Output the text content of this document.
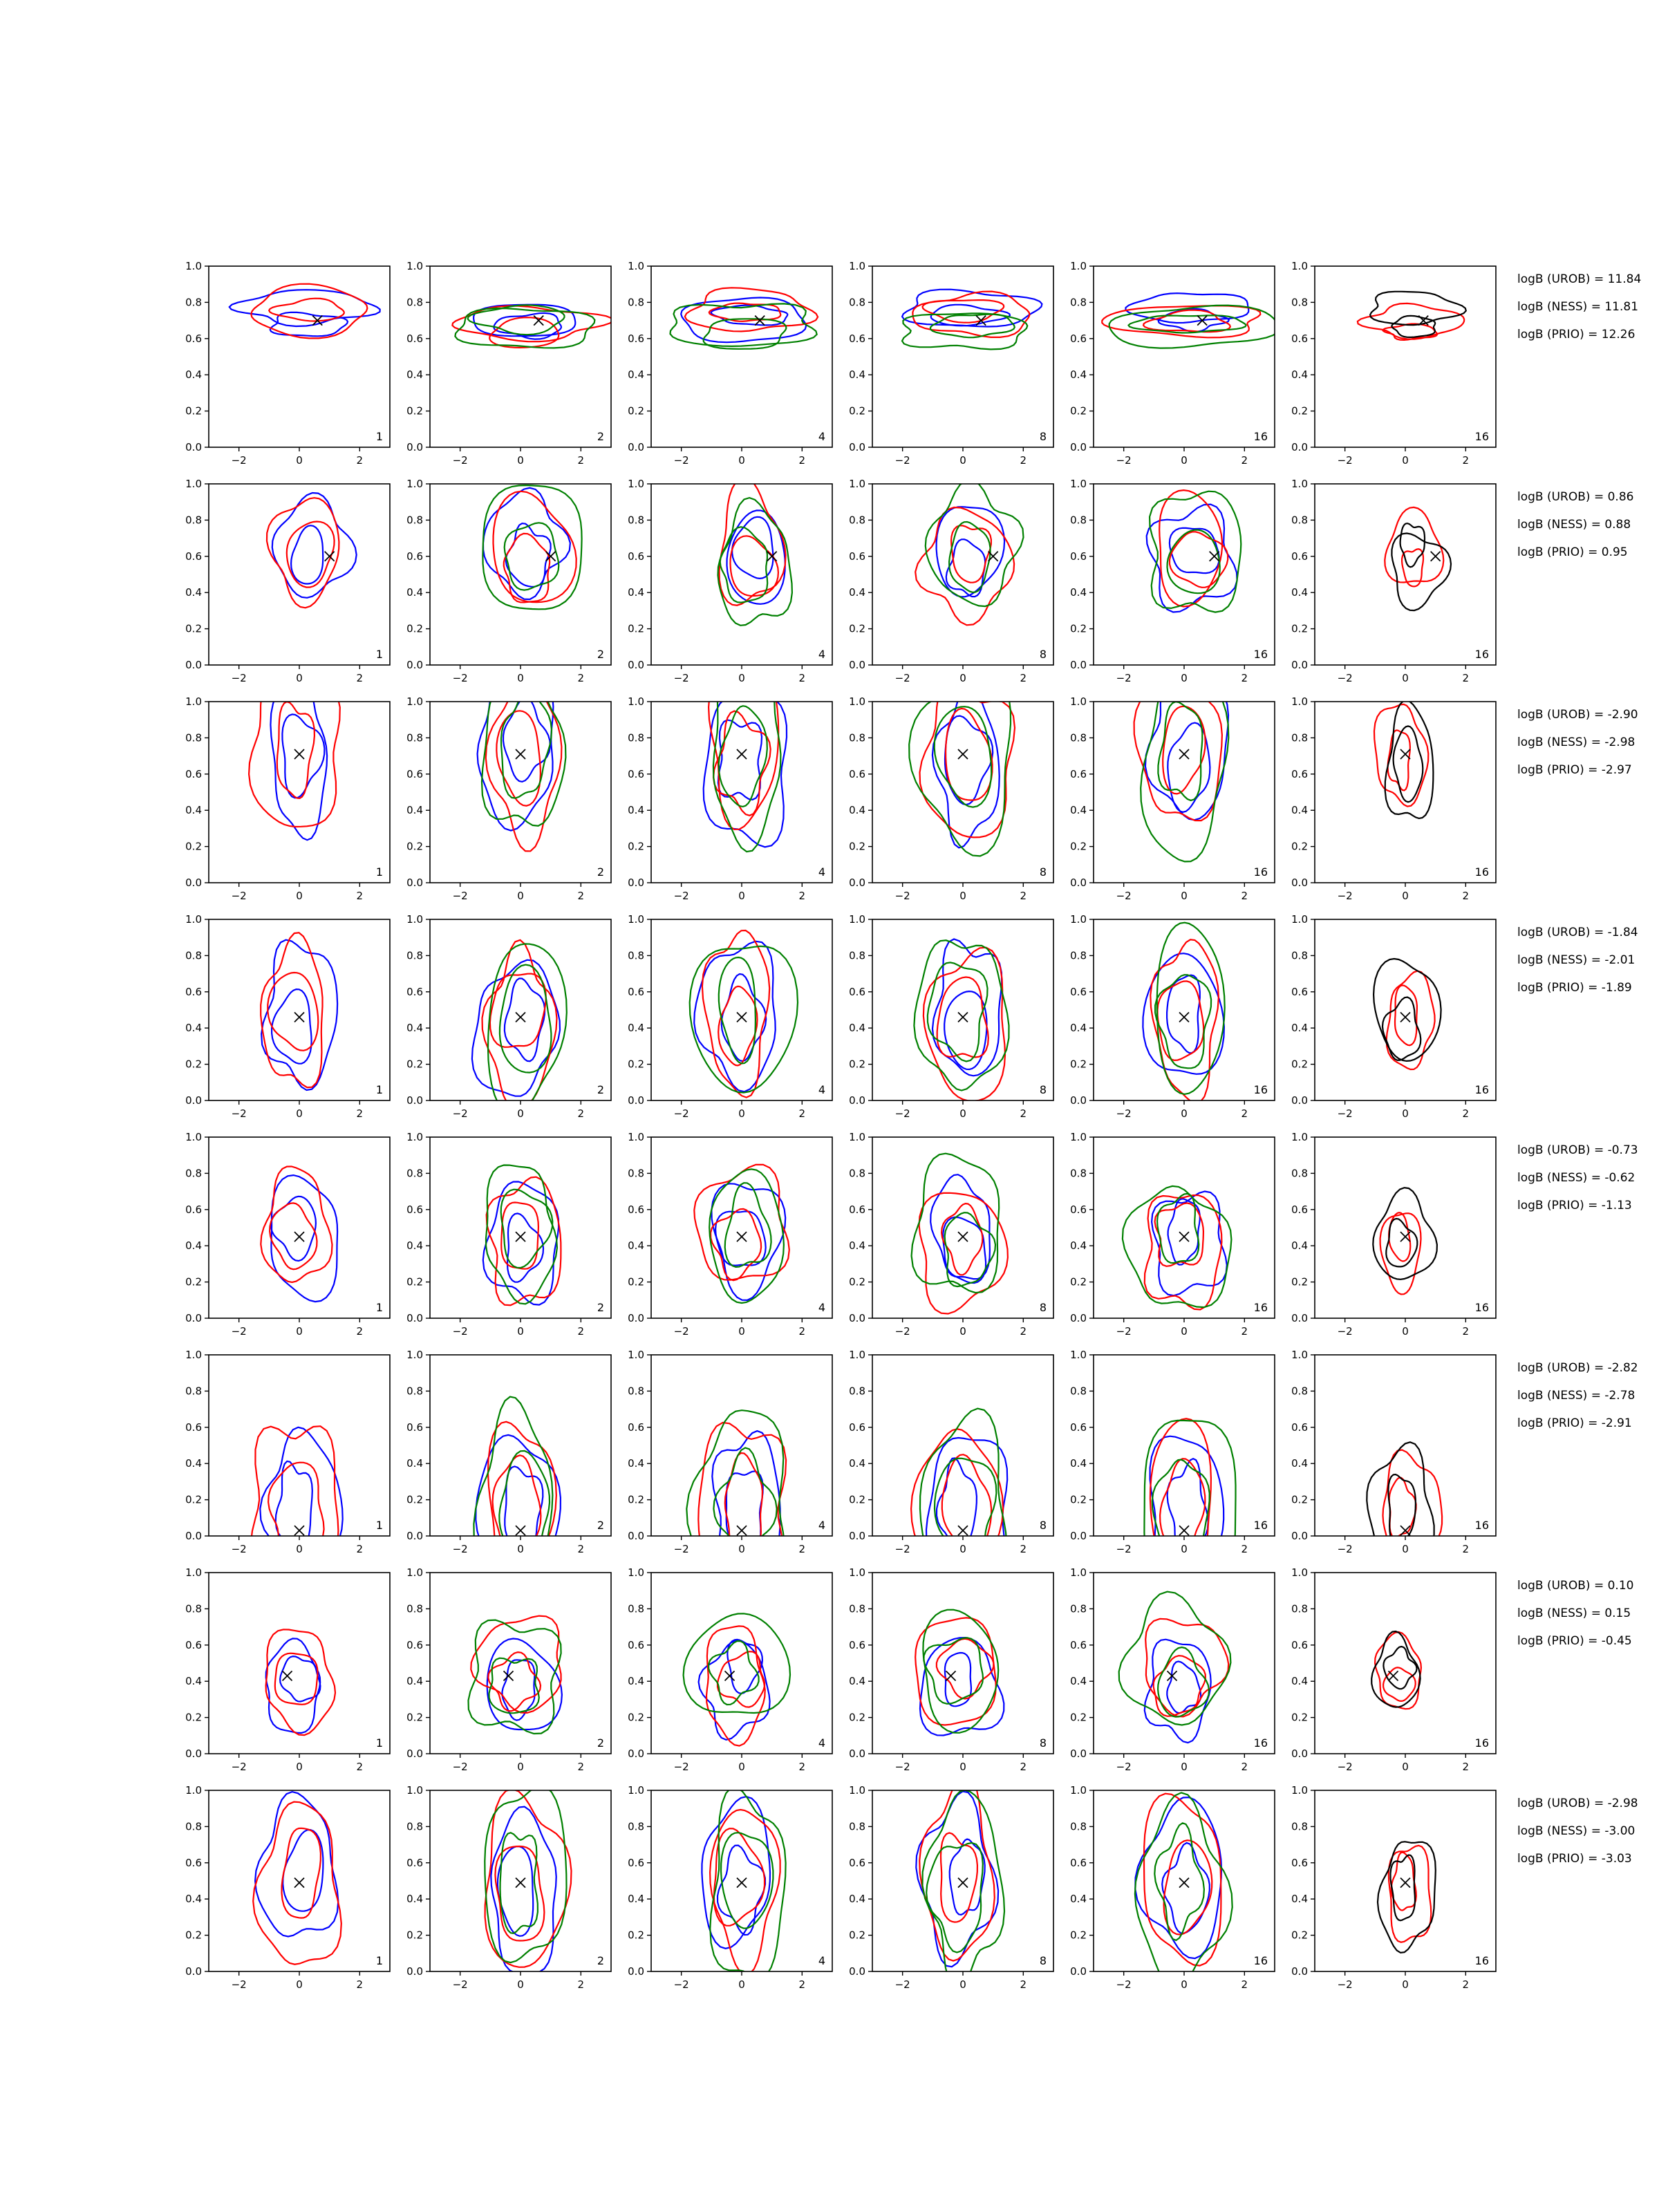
−2	0	2
0.0
0.2
0.4
0.6
0.8
1.0
1
−2	0	2
0.0
0.2
0.4
0.6
0.8
1.0
2
−2	0	2
0.0
0.2
0.4
0.6
0.8
1.0
4
−2	0	2
0.0
0.2
0.4
0.6
0.8
1.0
8
−2	0	2
0.0
0.2
0.4
0.6
0.8
1.0
16
−2	0	2
0.0
0.2
0.4
0.6
0.8
1.0
16
logB (UROB) = 11.84
logB (NESS) = 11.81
logB (PRIO) = 12.26
−2	0	2
0.0
0.2
0.4
0.6
0.8
1.0
1
−2	0	2
0.0
0.2
0.4
0.6
0.8
1.0
2
−2	0	2
0.0
0.2
0.4
0.6
0.8
1.0
4
−2	0	2
0.0
0.2
0.4
0.6
0.8
1.0
8
−2	0	2
0.0
0.2
0.4
0.6
0.8
1.0
16
−2	0	2
0.0
0.2
0.4
0.6
0.8
1.0
16
logB (UROB) = 0.86
logB (NESS) = 0.88
logB (PRIO) = 0.95
−2	0	2
0.0
0.2
0.4
0.6
0.8
1.0
1
−2	0	2
0.0
0.2
0.4
0.6
0.8
1.0
2
−2	0	2
0.0
0.2
0.4
0.6
0.8
1.0
4
−2	0	2
0.0
0.2
0.4
0.6
0.8
1.0
8
−2	0	2
0.0
0.2
0.4
0.6
0.8
1.0
16
−2	0	2
0.0
0.2
0.4
0.6
0.8
1.0
16
logB (UROB) = -2.90
logB (NESS) = -2.98
logB (PRIO) = -2.97
−2	0	2
0.0
0.2
0.4
0.6
0.8
1.0
1
−2	0	2
0.0
0.2
0.4
0.6
0.8
1.0
2
−2	0	2
0.0
0.2
0.4
0.6
0.8
1.0
4
−2	0	2
0.0
0.2
0.4
0.6
0.8
1.0
8
−2	0	2
0.0
0.2
0.4
0.6
0.8
1.0
16
−2	0	2
0.0
0.2
0.4
0.6
0.8
1.0
16
logB (UROB) = -1.84
logB (NESS) = -2.01
logB (PRIO) = -1.89
−2	0	2
0.0
0.2
0.4
0.6
0.8
1.0
1
−2	0	2
0.0
0.2
0.4
0.6
0.8
1.0
2
−2	0	2
0.0
0.2
0.4
0.6
0.8
1.0
4
−2	0	2
0.0
0.2
0.4
0.6
0.8
1.0
8
−2	0	2
0.0
0.2
0.4
0.6
0.8
1.0
16
−2	0	2
0.0
0.2
0.4
0.6
0.8
1.0
16
logB (UROB) = -0.73
logB (NESS) = -0.62
logB (PRIO) = -1.13
−2	0	2
0.0
0.2
0.4
0.6
0.8
1.0
1
−2	0	2
0.0
0.2
0.4
0.6
0.8
1.0
2
−2	0	2
0.0
0.2
0.4
0.6
0.8
1.0
4
−2	0	2
0.0
0.2
0.4
0.6
0.8
1.0
8
−2	0	2
0.0
0.2
0.4
0.6
0.8
1.0
16
−2	0	2
0.0
0.2
0.4
0.6
0.8
1.0
16
logB (UROB) = -2.82
logB (NESS) = -2.78
logB (PRIO) = -2.91
−2	0	2
0.0
0.2
0.4
0.6
0.8
1.0
1
−2	0	2
0.0
0.2
0.4
0.6
0.8
1.0
2
−2	0	2
0.0
0.2
0.4
0.6
0.8
1.0
4
−2	0	2
0.0
0.2
0.4
0.6
0.8
1.0
8
−2	0	2
0.0
0.2
0.4
0.6
0.8
1.0
16
−2	0	2
0.0
0.2
0.4
0.6
0.8
1.0
16
logB (UROB) = 0.10
logB (NESS) = 0.15
logB (PRIO) = -0.45
−2	0	2
0.0
0.2
0.4
0.6
0.8
1.0
1
−2	0	2
0.0
0.2
0.4
0.6
0.8
1.0
2
−2	0	2
0.0
0.2
0.4
0.6
0.8
1.0
4
−2	0	2
0.0
0.2
0.4
0.6
0.8
1.0
8
−2	0	2
0.0
0.2
0.4
0.6
0.8
1.0
16
−2	0	2
0.0
0.2
0.4
0.6
0.8
1.0
16
logB (UROB) = -2.98
logB (NESS) = -3.00
logB (PRIO) = -3.03
